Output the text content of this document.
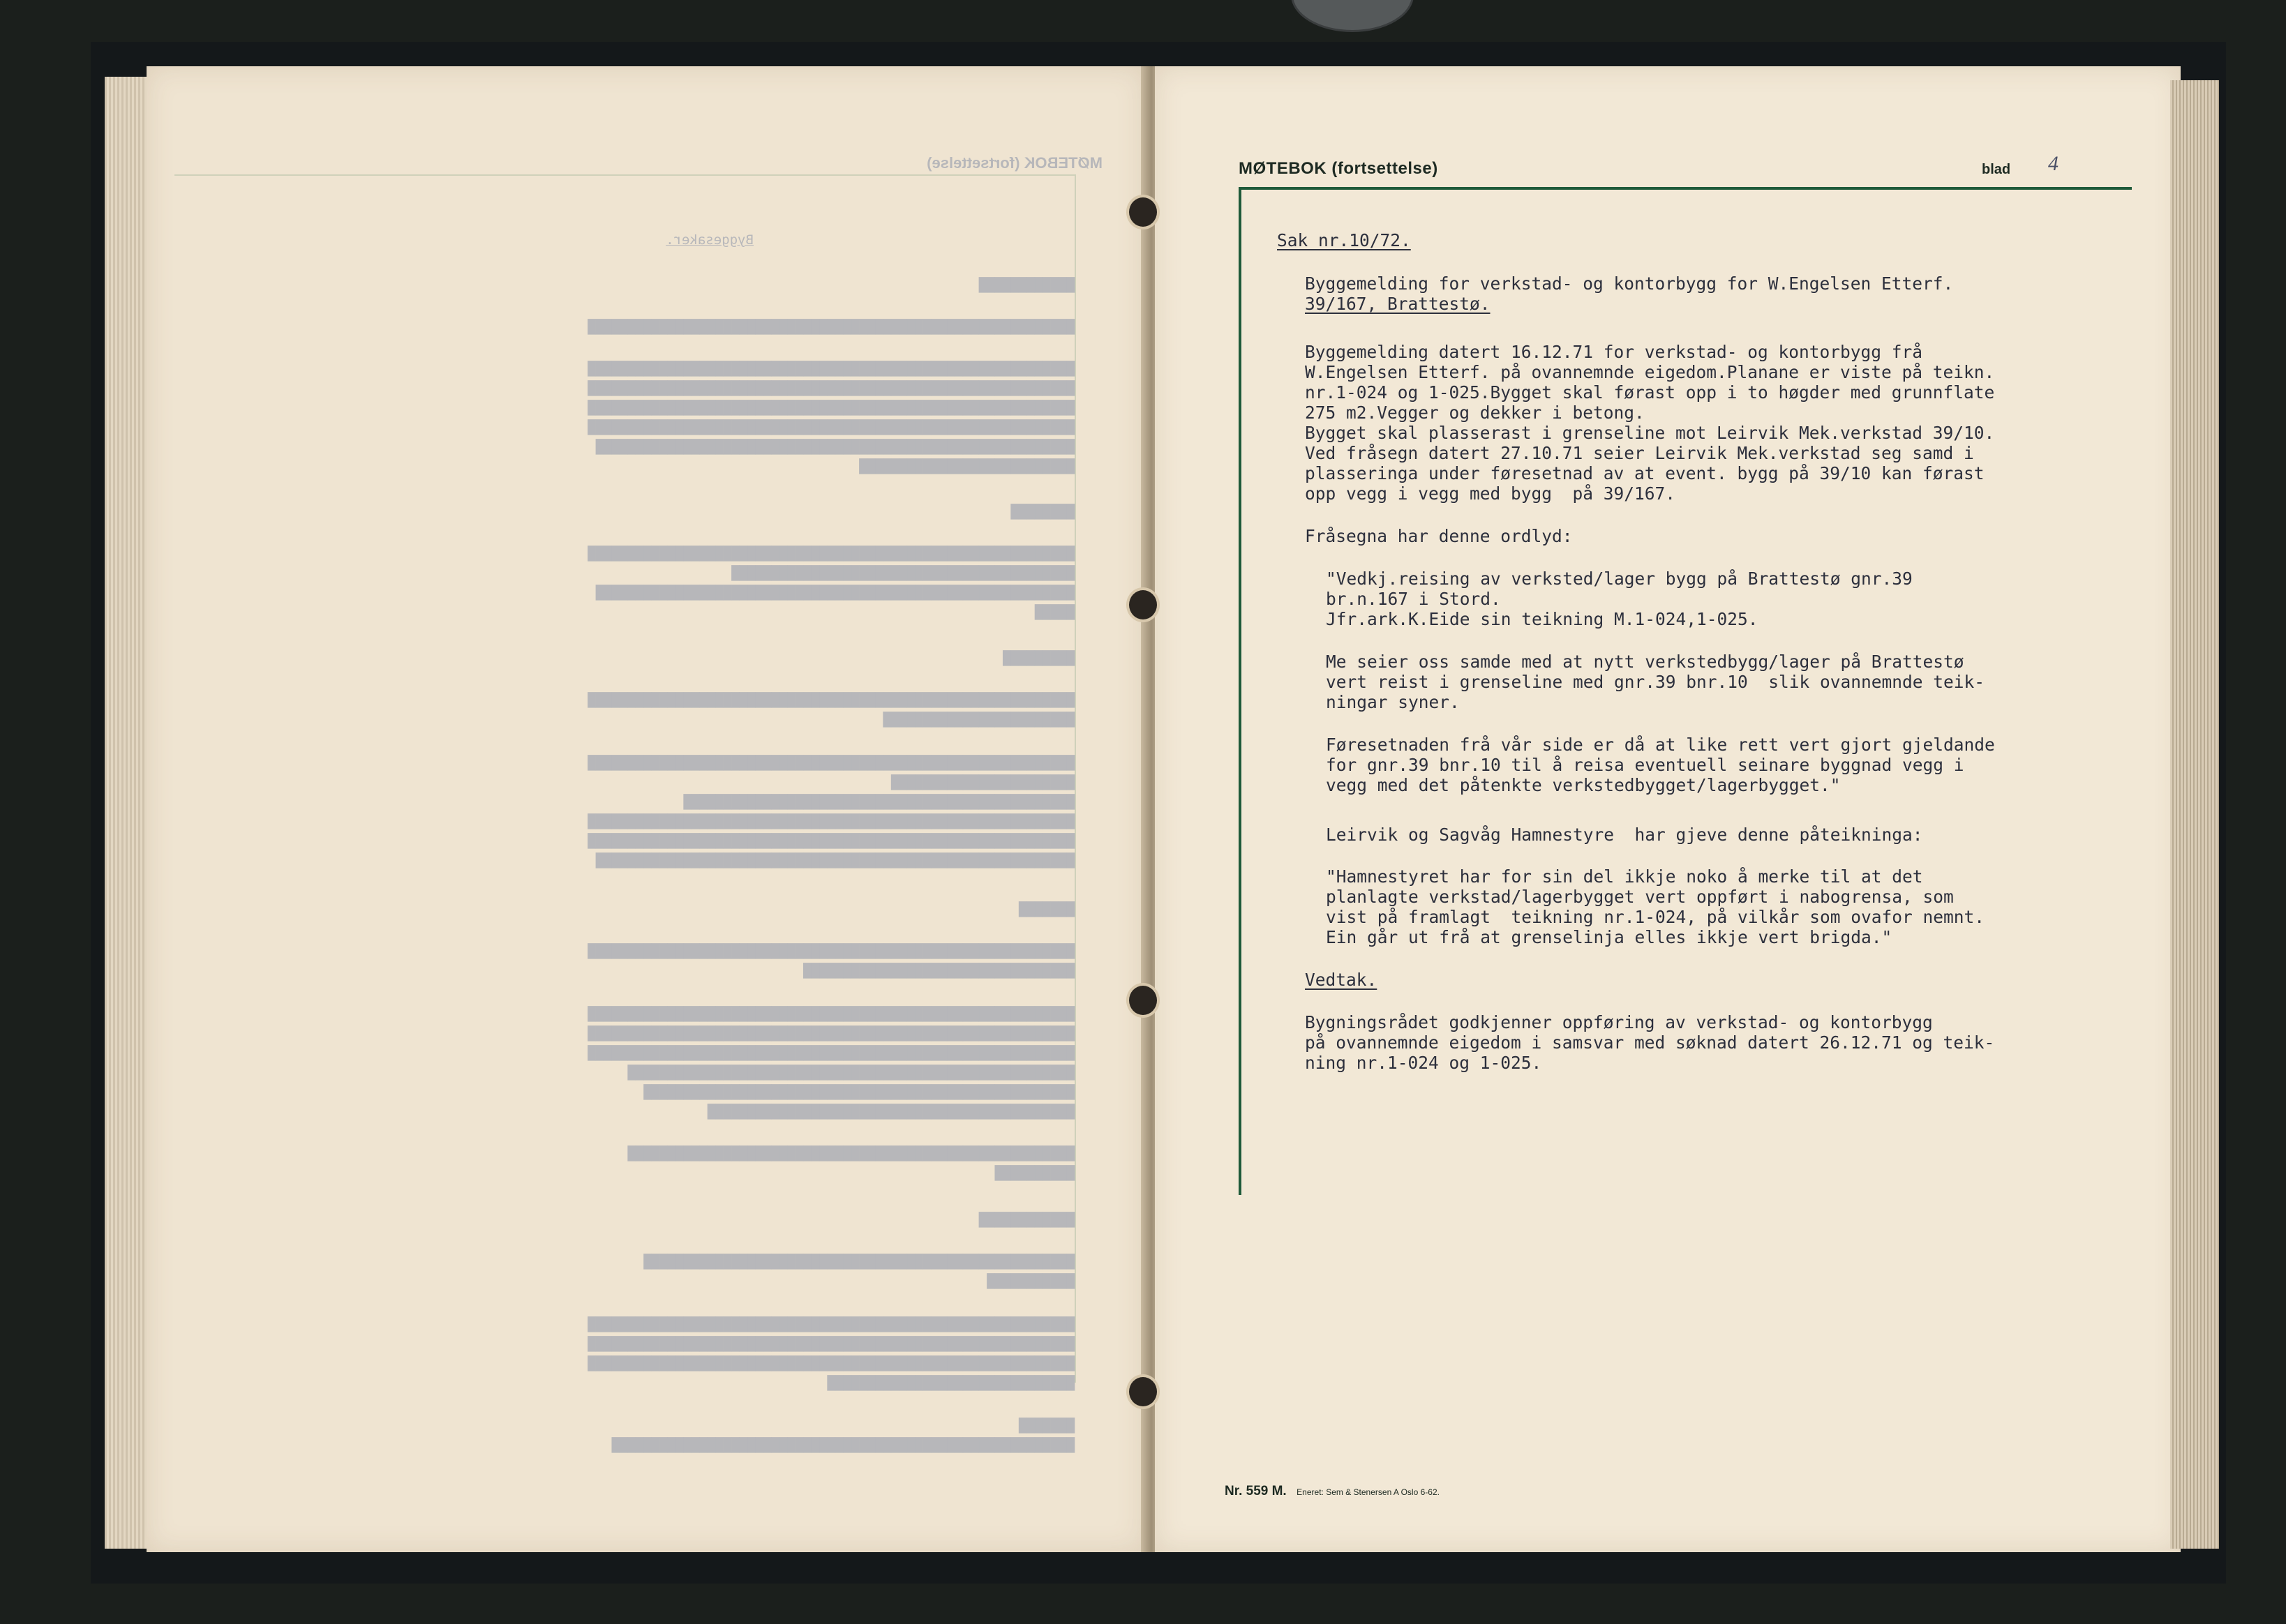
MØTEBOK (fortsettelse)
Byggesaker.
████████████
█████████████████████████████████████████████████████████████
█████████████████████████████████████████████████████████████
█████████████████████████████████████████████████████████████
█████████████████████████████████████████████████████████████
█████████████████████████████████████████████████████████████
████████████████████████████████████████████████████████████
███████████████████████████
████████
█████████████████████████████████████████████████████████████
███████████████████████████████████████████
████████████████████████████████████████████████████████████
█████
█████████
█████████████████████████████████████████████████████████████
████████████████████████
█████████████████████████████████████████████████████████████
███████████████████████
█████████████████████████████████████████████████
█████████████████████████████████████████████████████████████
█████████████████████████████████████████████████████████████
████████████████████████████████████████████████████████████
███████
█████████████████████████████████████████████████████████████
██████████████████████████████████
█████████████████████████████████████████████████████████████
█████████████████████████████████████████████████████████████
█████████████████████████████████████████████████████████████
████████████████████████████████████████████████████████
██████████████████████████████████████████████████████
██████████████████████████████████████████████
████████████████████████████████████████████████████████
██████████
████████████
██████████████████████████████████████████████████████
███████████
█████████████████████████████████████████████████████████████
█████████████████████████████████████████████████████████████
█████████████████████████████████████████████████████████████
███████████████████████████████
███████
██████████████████████████████████████████████████████████
MØTEBOK (fortsettelse)	blad 4
Sak nr.10/72.
Byggemelding for verkstad- og kontorbygg for W.Engelsen Etterf.
39/167, Brattestø.
Byggemelding datert 16.12.71 for verkstad- og kontorbygg frå
W.Engelsen Etterf. på ovannemnde eigedom.Planane er viste på teikn.
nr.1-024 og 1-025.Bygget skal førast opp i to høgder med grunnflate
275 m2.Vegger og dekker i betong.
Bygget skal plasserast i grenseline mot Leirvik Mek.verkstad 39/10.
Ved fråsegn datert 27.10.71 seier Leirvik Mek.verkstad seg samd i
plasseringa under føresetnad av at event. bygg på 39/10 kan førast
opp vegg i vegg med bygg  på 39/167.
Fråsegna har denne ordlyd:
"Vedkj.reising av verksted/lager bygg på Brattestø gnr.39
br.n.167 i Stord.
Jfr.ark.K.Eide sin teikning M.1-024,1-025.
Me seier oss samde med at nytt verkstedbygg/lager på Brattestø
vert reist i grenseline med gnr.39 bnr.10  slik ovannemnde teik-
ningar syner.
Føresetnaden frå vår side er då at like rett vert gjort gjeldande
for gnr.39 bnr.10 til å reisa eventuell seinare byggnad vegg i
vegg med det påtenkte verkstedbygget/lagerbygget."
Leirvik og Sagvåg Hamnestyre  har gjeve denne påteikninga:
"Hamnestyret har for sin del ikkje noko å merke til at det
planlagte verkstad/lagerbygget vert oppført i nabogrensa, som
vist på framlagt  teikning nr.1-024, på vilkår som ovafor nemnt.
Ein går ut frå at grenselinja elles ikkje vert brigda."
Vedtak.
Bygningsrådet godkjenner oppføring av verkstad- og kontorbygg
på ovannemnde eigedom i samsvar med søknad datert 26.12.71 og teik-
ning nr.1-024 og 1-025.
Nr. 559 M. Eneret: Sem & Stenersen A Oslo 6-62.
